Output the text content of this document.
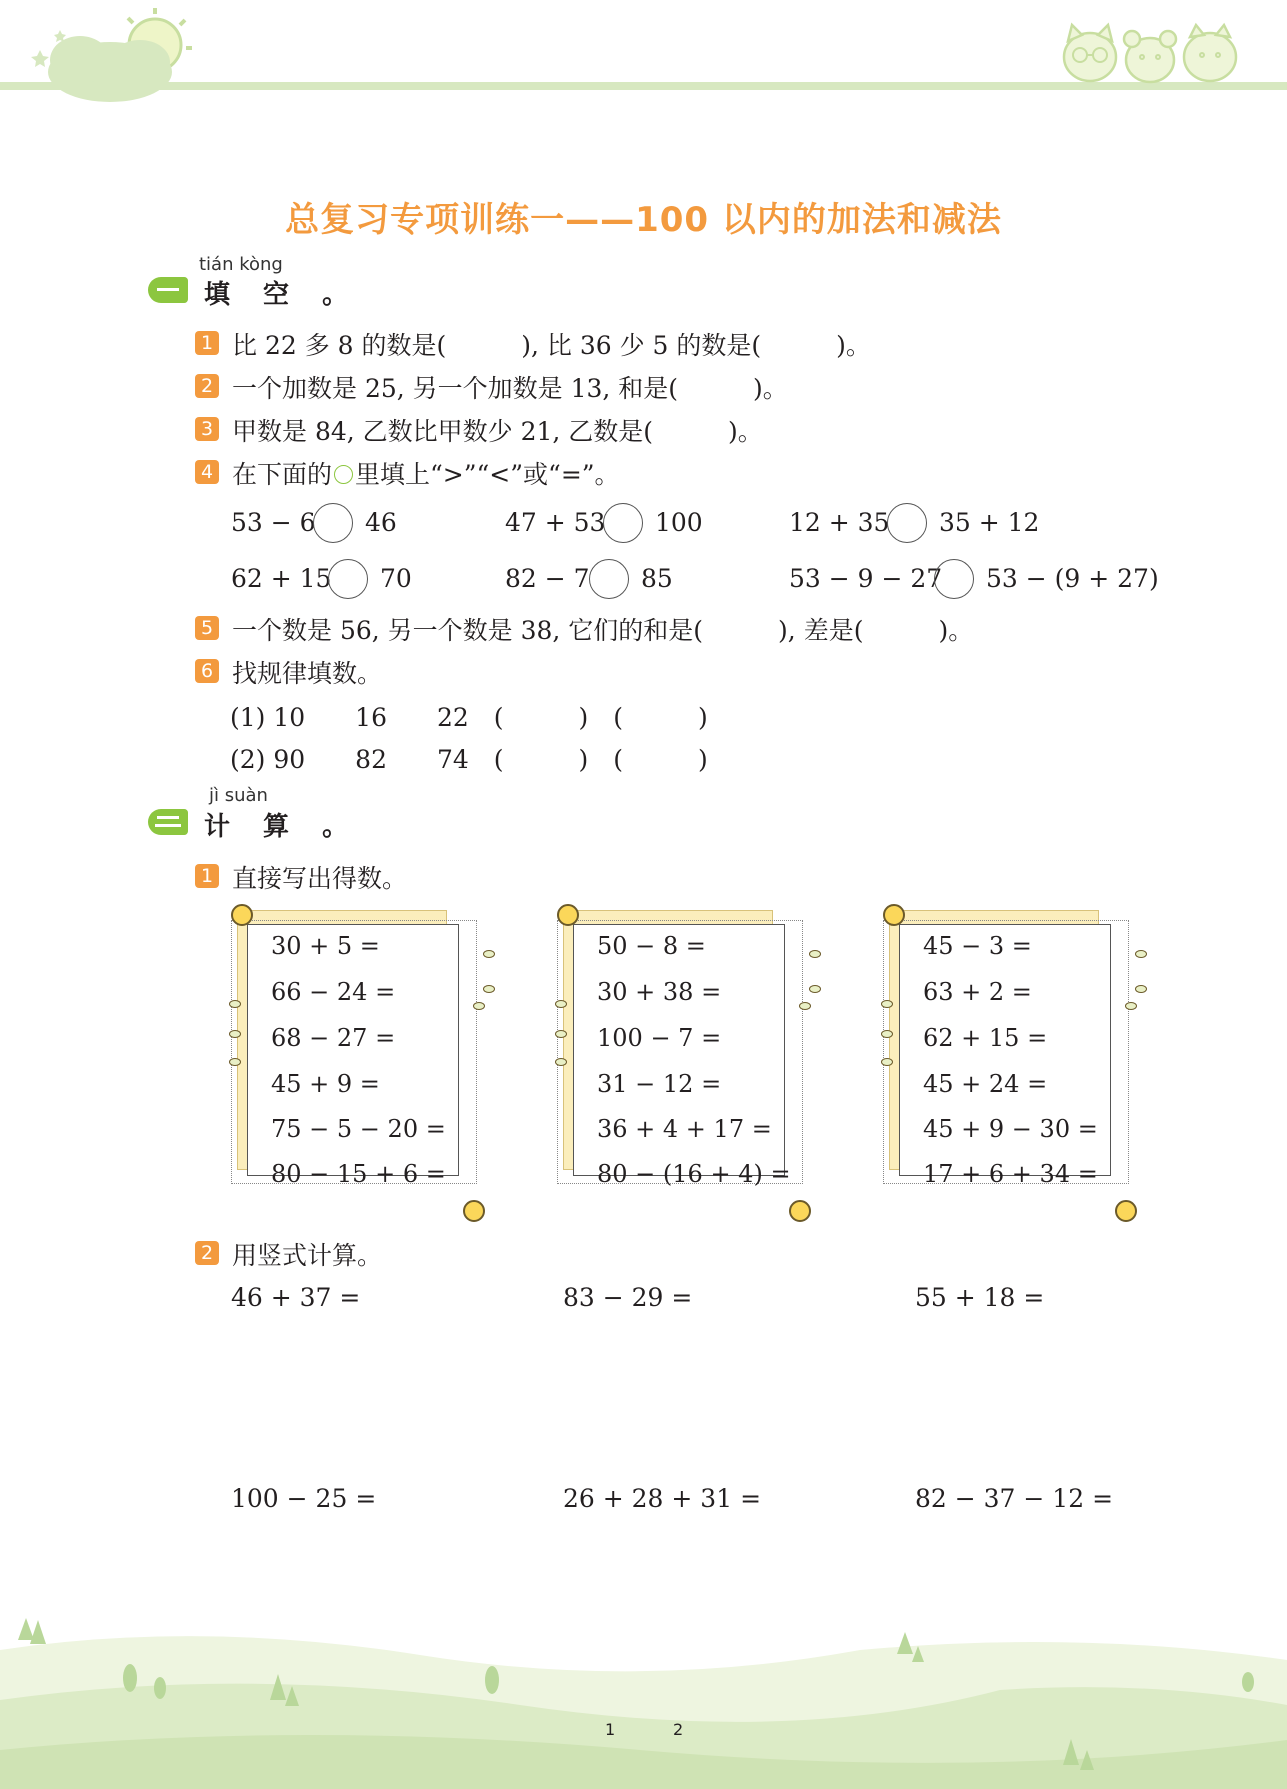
总复习专项训练一——100 以内的加法和减法
tián kòng
填 空 。
1 比 22 多 8 的数是(　　　), 比 36 少 5 的数是(　　　)。
2 一个加数是 25, 另一个加数是 13, 和是(　　　)。
3 甲数是 84, 乙数比甲数少 21, 乙数是(　　　)。
4 在下面的 里填上“>”“<”或“=”。
53 − 6 46	47 + 53 100	12 + 35 35 + 12
62 + 15 70	82 − 7 85	53 − 9 − 27 53 − (9 + 27)
5 一个数是 56, 另一个数是 38, 它们的和是(　　　), 差是(　　　)。
6 找规律填数。
(1) 10　　16　　22　(　　　)　(　　　)
(2) 90　　82　　74　(　　　)　(　　　)
jì suàn
计 算 。
1 直接写出得数。
30 + 5 =
66 − 24 =
68 − 27 =
45 + 9 =
75 − 5 − 20 =
80 − 15 + 6 =
50 − 8 =
30 + 38 =
100 − 7 =
31 − 12 =
36 + 4 + 17 =
80 − (16 + 4) =
45 − 3 =
63 + 2 =
62 + 15 =
45 + 24 =
45 + 9 − 30 =
17 + 6 + 34 =
2 用竖式计算。
46 + 37 =	83 − 29 =	55 + 18 =
100 − 25 =	26 + 28 + 31 =	82 − 37 − 12 =
1	2
